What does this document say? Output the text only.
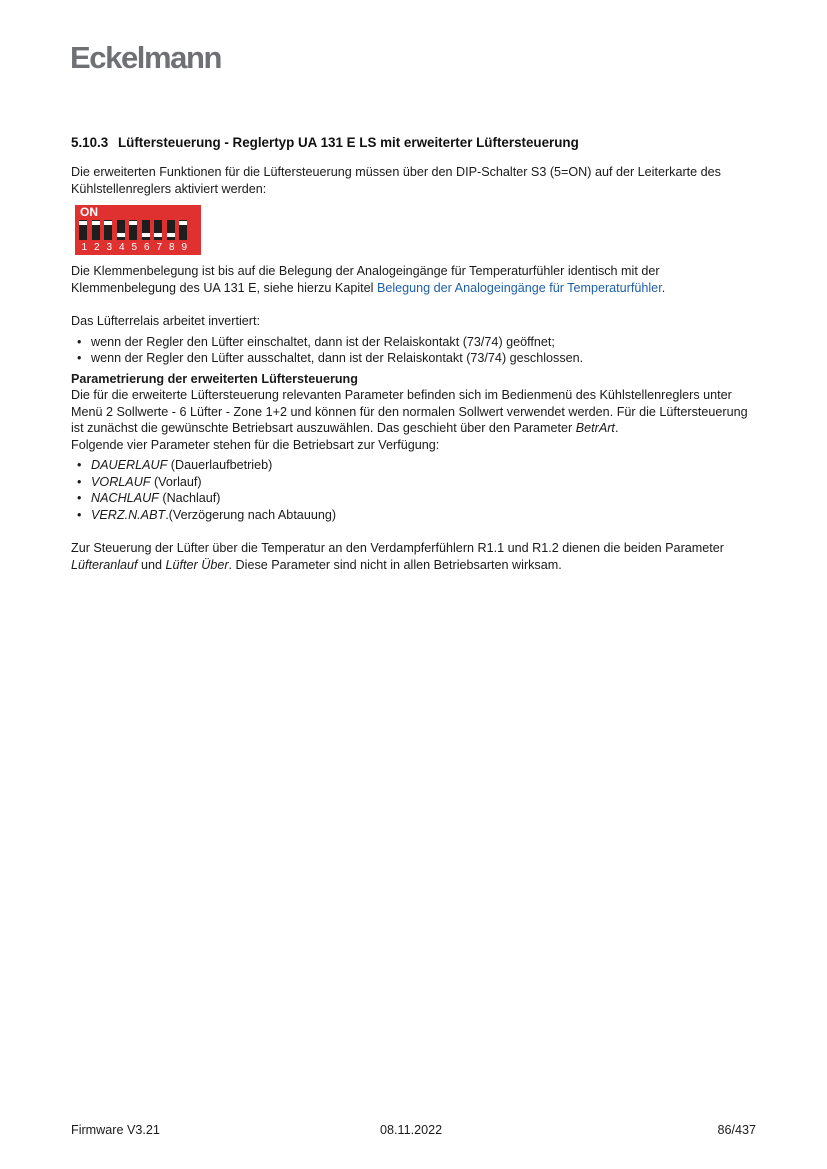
Eckelmann
5.10.3 Lüftersteuerung - Reglertyp UA 131 E LS mit erweiterter Lüftersteuerung

Die erweiterten Funktionen für die Lüftersteuerung müssen über den DIP-Schalter S3 (5=ON) auf der Leiterkarte des Kühlstellenreglers aktiviert werden:

ON
1 2 3 4 5 6 7 8 9

Die Klemmenbelegung ist bis auf die Belegung der Analogeingänge für Temperaturfühler identisch mit der Klemmenbelegung des UA 131 E, siehe hierzu Kapitel Belegung der Analogeingänge für Temperaturfühler.

Das Lüfterrelais arbeitet invertiert:

• wenn der Regler den Lüfter einschaltet, dann ist der Relaiskontakt (73/74) geöffnet;
• wenn der Regler den Lüfter ausschaltet, dann ist der Relaiskontakt (73/74) geschlossen.
Parametrierung der erweiterten Lüftersteuerung

Die für die erweiterte Lüftersteuerung relevanten Parameter befinden sich im Bedienmenü des Kühlstellenreglers unter Menü 2 Sollwerte - 6 Lüfter - Zone 1+2 und können für den normalen Sollwert verwendet werden. Für die Lüftersteuerung ist zunächst die gewünschte Betriebsart auszuwählen. Das geschieht über den Parameter BetrArt.

Folgende vier Parameter stehen für die Betriebsart zur Verfügung:

• DAUERLAUF (Dauerlaufbetrieb)
• VORLAUF (Vorlauf)
• NACHLAUF (Nachlauf)
• VERZ.N.ABT.(Verzögerung nach Abtauung)

Zur Steuerung der Lüfter über die Temperatur an den Verdampferfühlern R1.1 und R1.2 dienen die beiden Parameter Lüfteranlauf und Lüfter Über. Diese Parameter sind nicht in allen Betriebsarten wirksam.

Firmware V3.21	08.11.2022	86/437
